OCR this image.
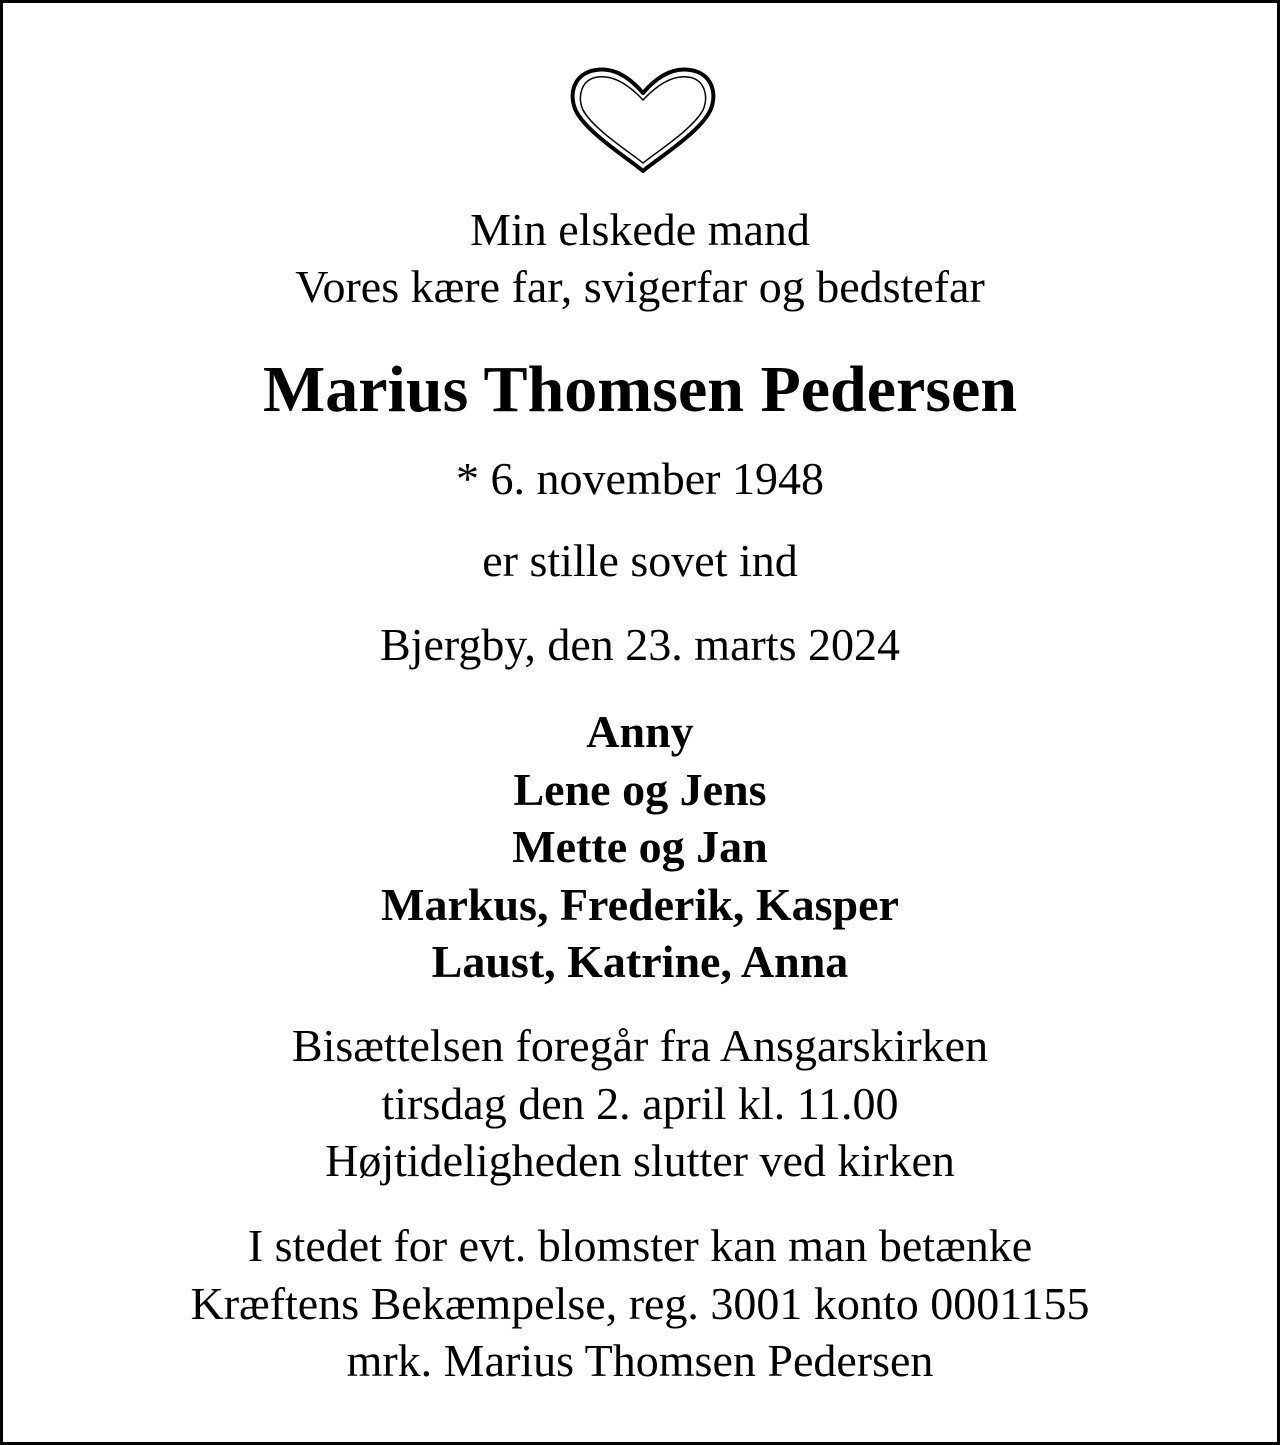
Min elskede mand
Vores kære far, svigerfar og bedstefar
Marius Thomsen Pedersen
* 6. november 1948
er stille sovet ind
Bjergby, den 23. marts 2024
Anny
Lene og Jens
Mette og Jan
Markus, Frederik, Kasper
Laust, Katrine, Anna
Bisættelsen foregår fra Ansgarskirken
tirsdag den 2. april kl. 11.00
Højtideligheden slutter ved kirken
I stedet for evt. blomster kan man betænke
Kræftens Bekæmpelse, reg. 3001 konto 0001155
mrk. Marius Thomsen Pedersen
